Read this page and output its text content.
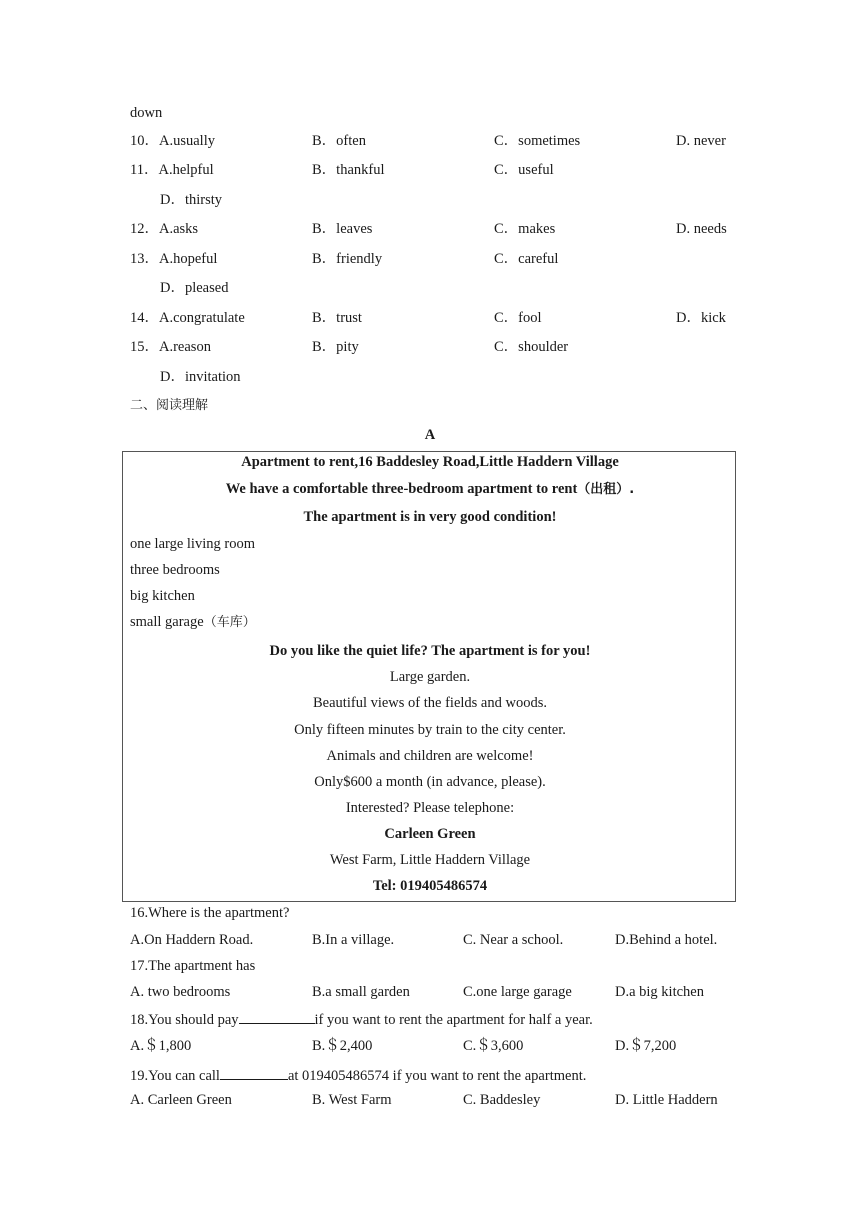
down
10．A.usually	B．often	C．sometimes	D. never
11．A.helpful	B．thankful	C．useful
D．thirsty
12．A.asks	B．leaves	C．makes	D. needs
13．A.hopeful	B．friendly	C．careful
D．pleased
14．A.congratulate	B．trust	C．fool	D．kick
15．A.reason	B．pity	C．shoulder
D．invitation
二、阅读理解
A
Apartment to rent,16 Baddesley Road,Little Haddern Village
We have a comfortable three-bedroom apartment to rent（出租）.
The apartment is in very good condition!
one large living room
three bedrooms
big kitchen
small garage（车库）
Do you like the quiet life? The apartment is for you!
Large garden.
Beautiful views of the fields and woods.
Only fifteen minutes by train to the city center.
Animals and children are welcome!
Only$600 a month (in advance, please).
Interested? Please telephone:
Carleen Green
West Farm, Little Haddern Village
Tel: 019405486574
16.Where is the apartment?
A.On Haddern Road.	B.In a village.	C. Near a school.	D.Behind a hotel.
17.The apartment has
A. two bedrooms	B.a small garden	C.one large garage	D.a big kitchen
18.You should pay	if you want to rent the apartment for half a year.
A.＄1,800	B.＄2,400	C.＄3,600	D.＄7,200
19.You can call	at 019405486574 if you want to rent the apartment.
A. Carleen Green	B. West Farm	C. Baddesley	D. Little Haddern
